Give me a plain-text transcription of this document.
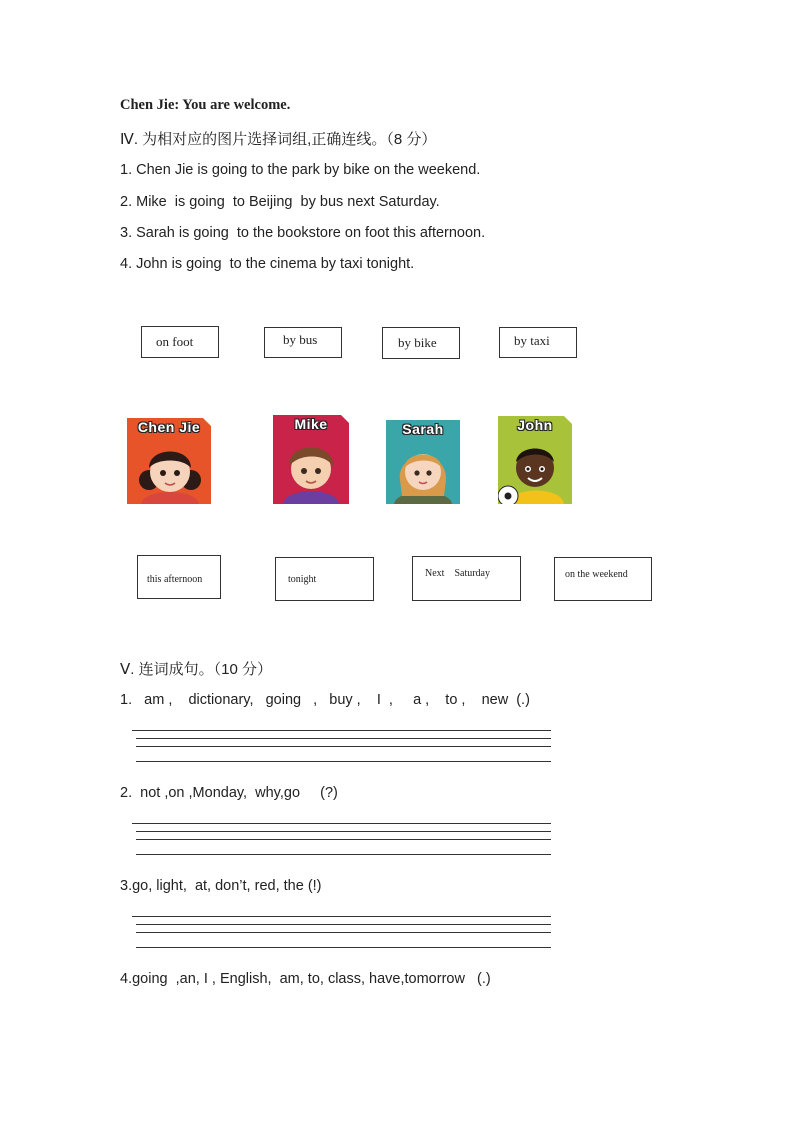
Chen Jie: You are welcome.
Ⅳ. 为相对应的图片选择词组,正确连线。（8 分）
1. Chen Jie is going to the park by bike on the weekend.
2. Mike  is going  to Beijing  by bus next Saturday.
3. Sarah is going  to the bookstore on foot this afternoon.
4. John is going  to the cinema by taxi tonight.
on foot	by bus	by bike	by taxi
Chen Jie	Mike	Sarah	John
this afternoon	tonight
Next    Saturday	on the weekend
Ⅴ. 连词成句。（10 分）
1.   am ,    dictionary,   going   ,   buy ,    I  ,     a ,    to ,    new  (.)
2.  not ,on ,Monday,  why,go     (?)
3.go, light,  at, don’t, red, the (!)
4.going  ,an, I , English,  am, to, class, have,tomorrow   (.)
